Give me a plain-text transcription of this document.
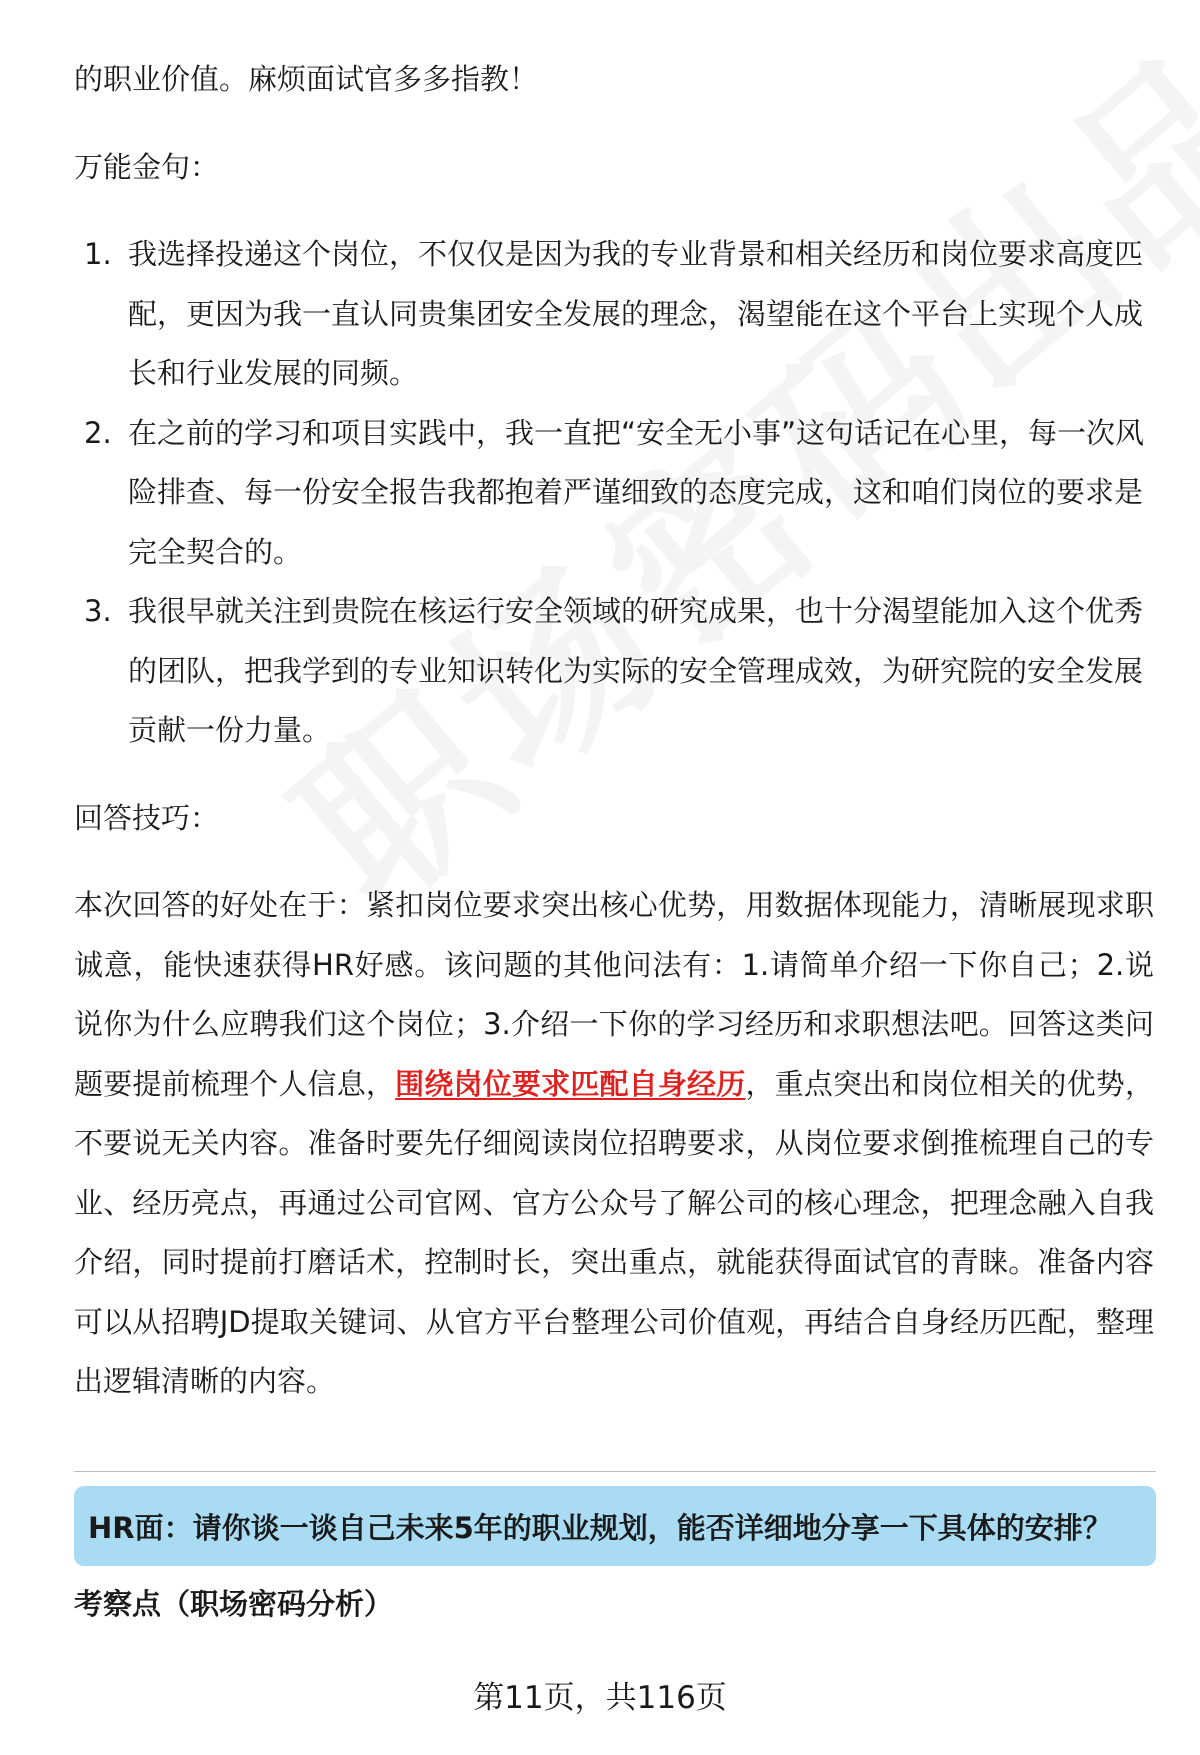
的职业价值。麻烦面试官多多指教！

万能金句：

1. 我选择投递这个岗位，不仅仅是因为我的专业背景和相关经历和岗位要求高度匹配，更因为我一直认同贵集团安全发展的理念，渴望能在这个平台上实现个人成长和行业发展的同频。
2. 在之前的学习和项目实践中，我一直把“安全无小事”这句话记在心里，每一次风险排查、每一份安全报告我都抱着严谨细致的态度完成，这和咱们岗位的要求是完全契合的。
3. 我很早就关注到贵院在核运行安全领域的研究成果，也十分渴望能加入这个优秀的团队，把我学到的专业知识转化为实际的安全管理成效，为研究院的安全发展贡献一份力量。

回答技巧：

本次回答的好处在于：紧扣岗位要求突出核心优势，用数据体现能力，清晰展现求职诚意，能快速获得HR好感。该问题的其他问法有：1.请简单介绍一下你自己；2.说说你为什么应聘我们这个岗位；3.介绍一下你的学习经历和求职想法吧。回答这类问题要提前梳理个人信息，围绕岗位要求匹配自身经历，重点突出和岗位相关的优势，不要说无关内容。准备时要先仔细阅读岗位招聘要求，从岗位要求倒推梳理自己的专业、经历亮点，再通过公司官网、官方公众号了解公司的核心理念，把理念融入自我介绍，同时提前打磨话术，控制时长，突出重点，就能获得面试官的青睐。准备内容可以从招聘JD提取关键词、从官方平台整理公司价值观，再结合自身经历匹配，整理出逻辑清晰的内容。

HR面：请你谈一谈自己未来5年的职业规划，能否详细地分享一下具体的安排？
考察点（职场密码分析）
第11页，共116页
